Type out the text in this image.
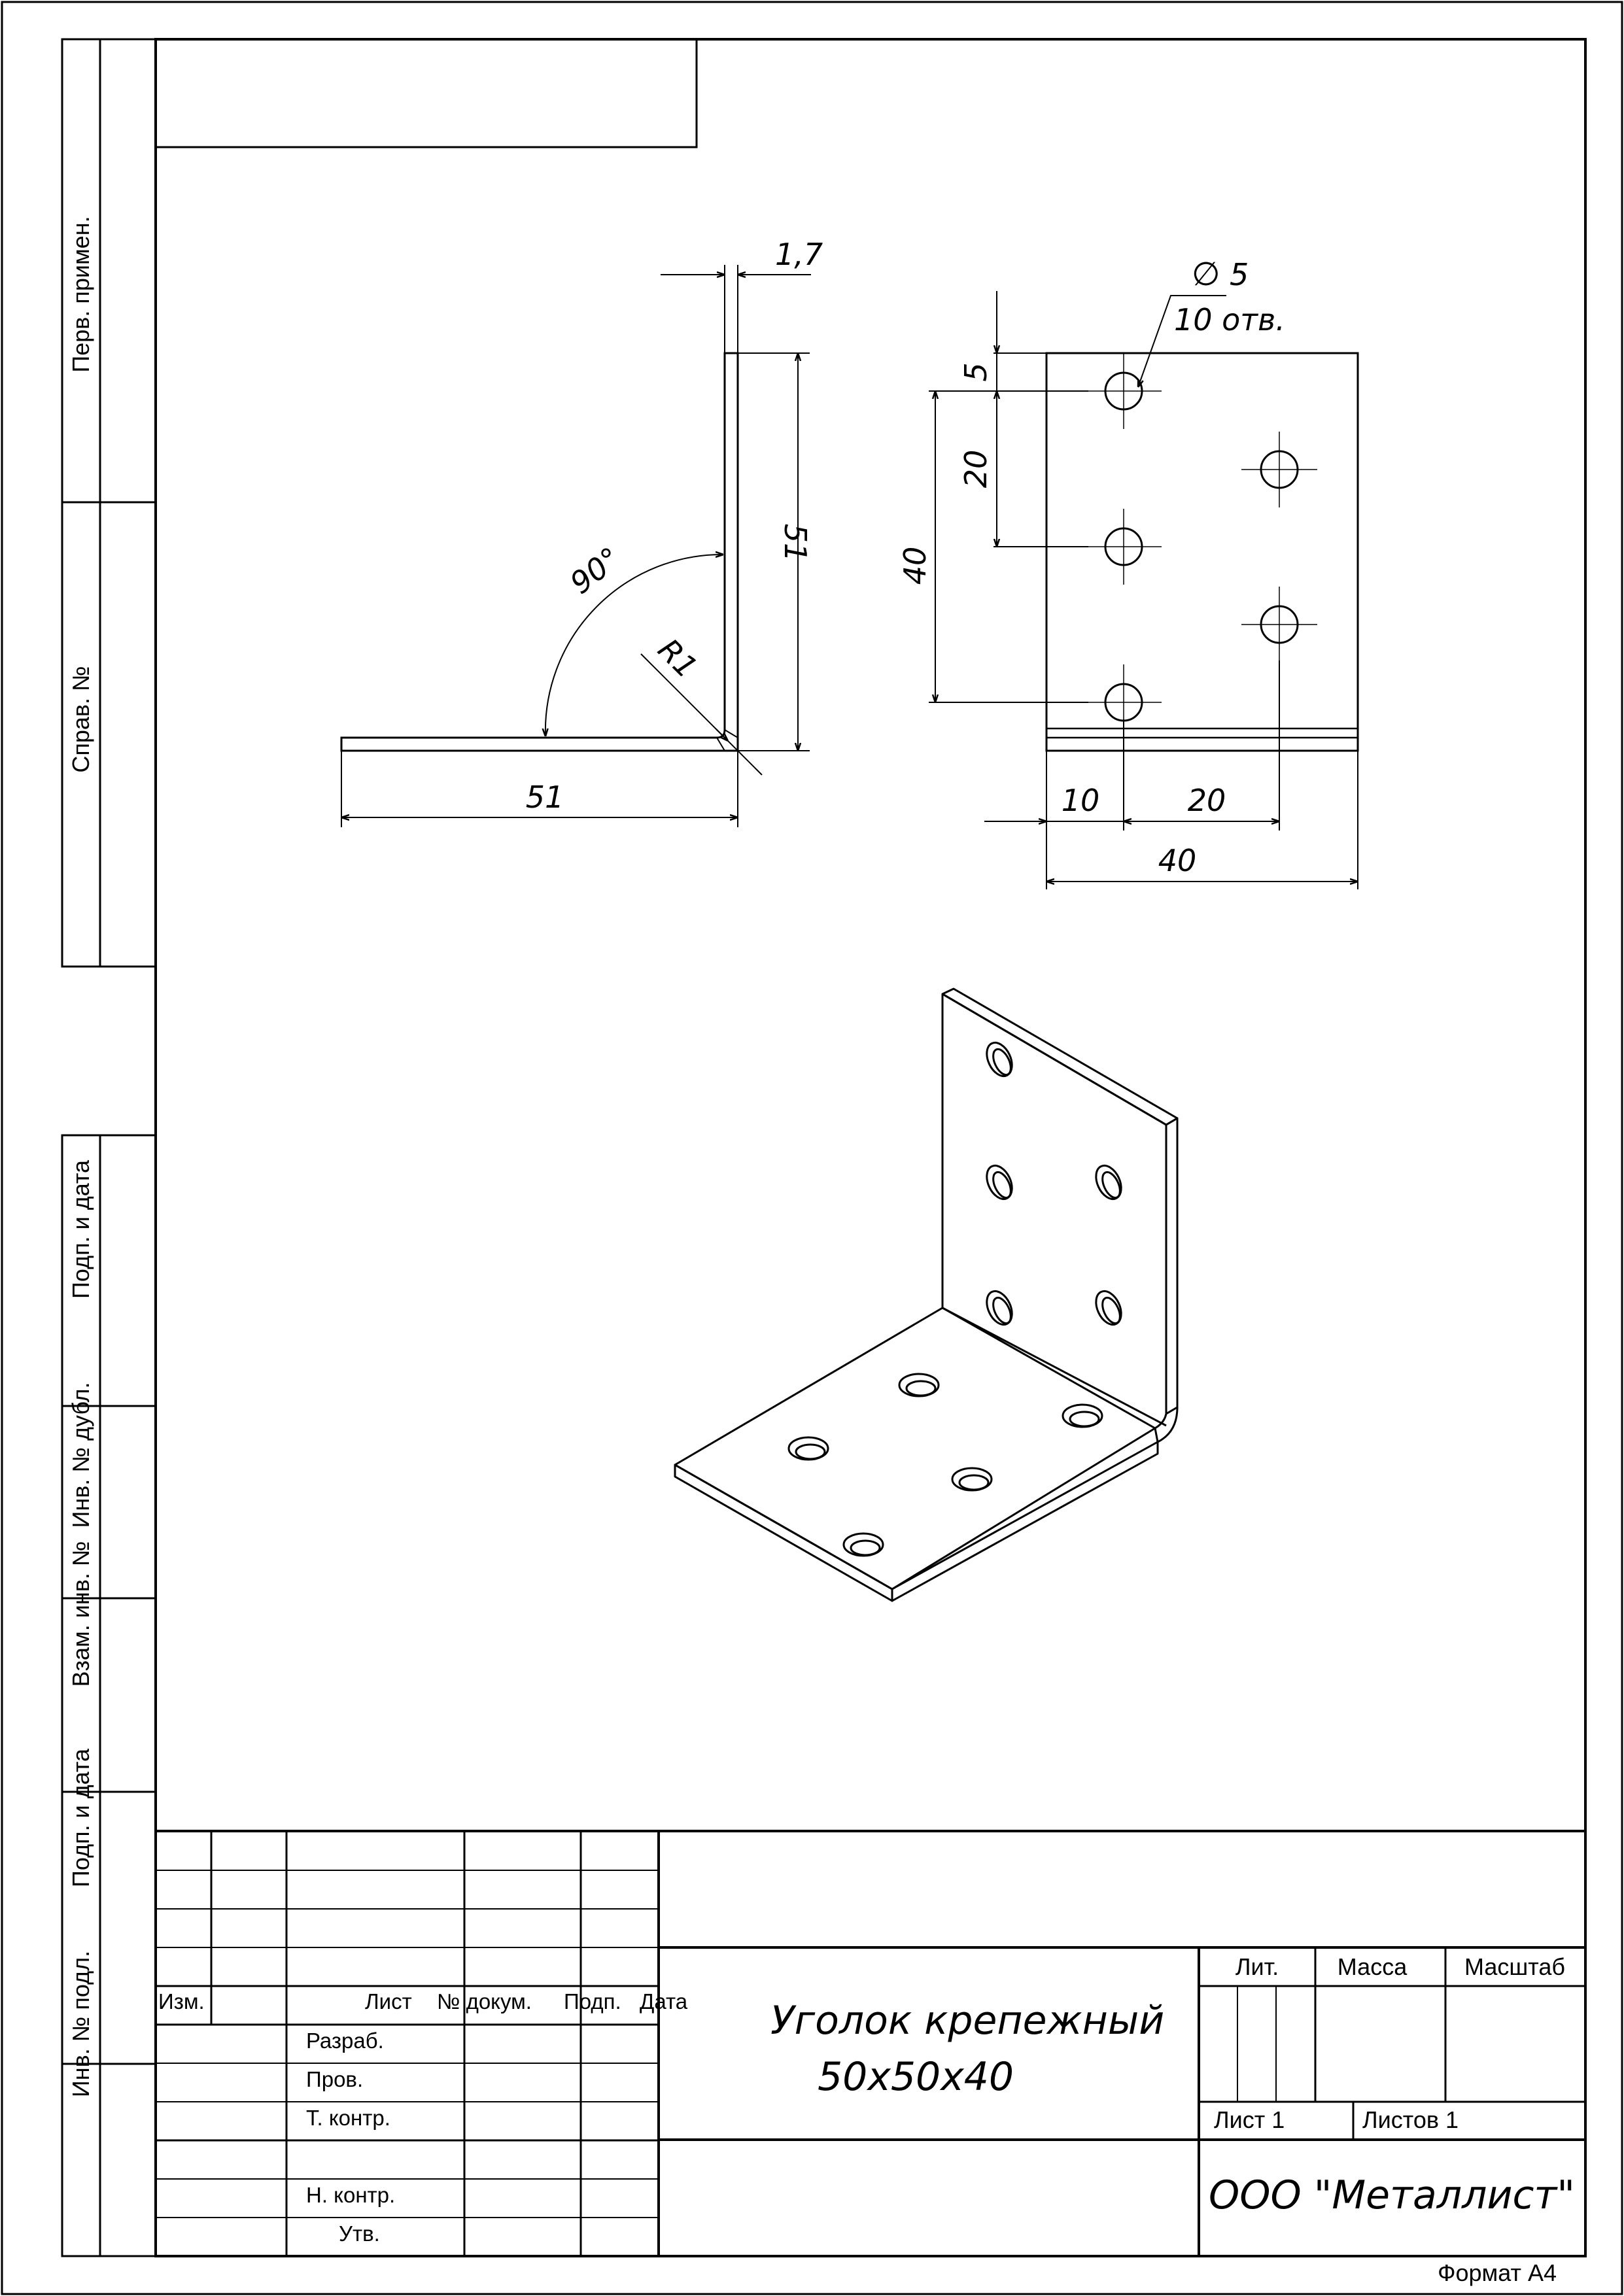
Перв. примен.
Справ. №
Подп. и дата
Инв. № дубл.
Взам. инв. №
Подп. и дата
Инв. № подл.
1,7
51
51
90°
R1
∅ 5
10 отв.
5
20
40
10	20
40
Изм.	Лист № докум. Подп. Дата
Разраб.
Пров.
Т. контр.
Н. контр.
Утв.
Уголок крепежный
50х50х40
Лит. Масса Масштаб
Лист 1	Листов 1
ООО "Металлист"
Формат А4
